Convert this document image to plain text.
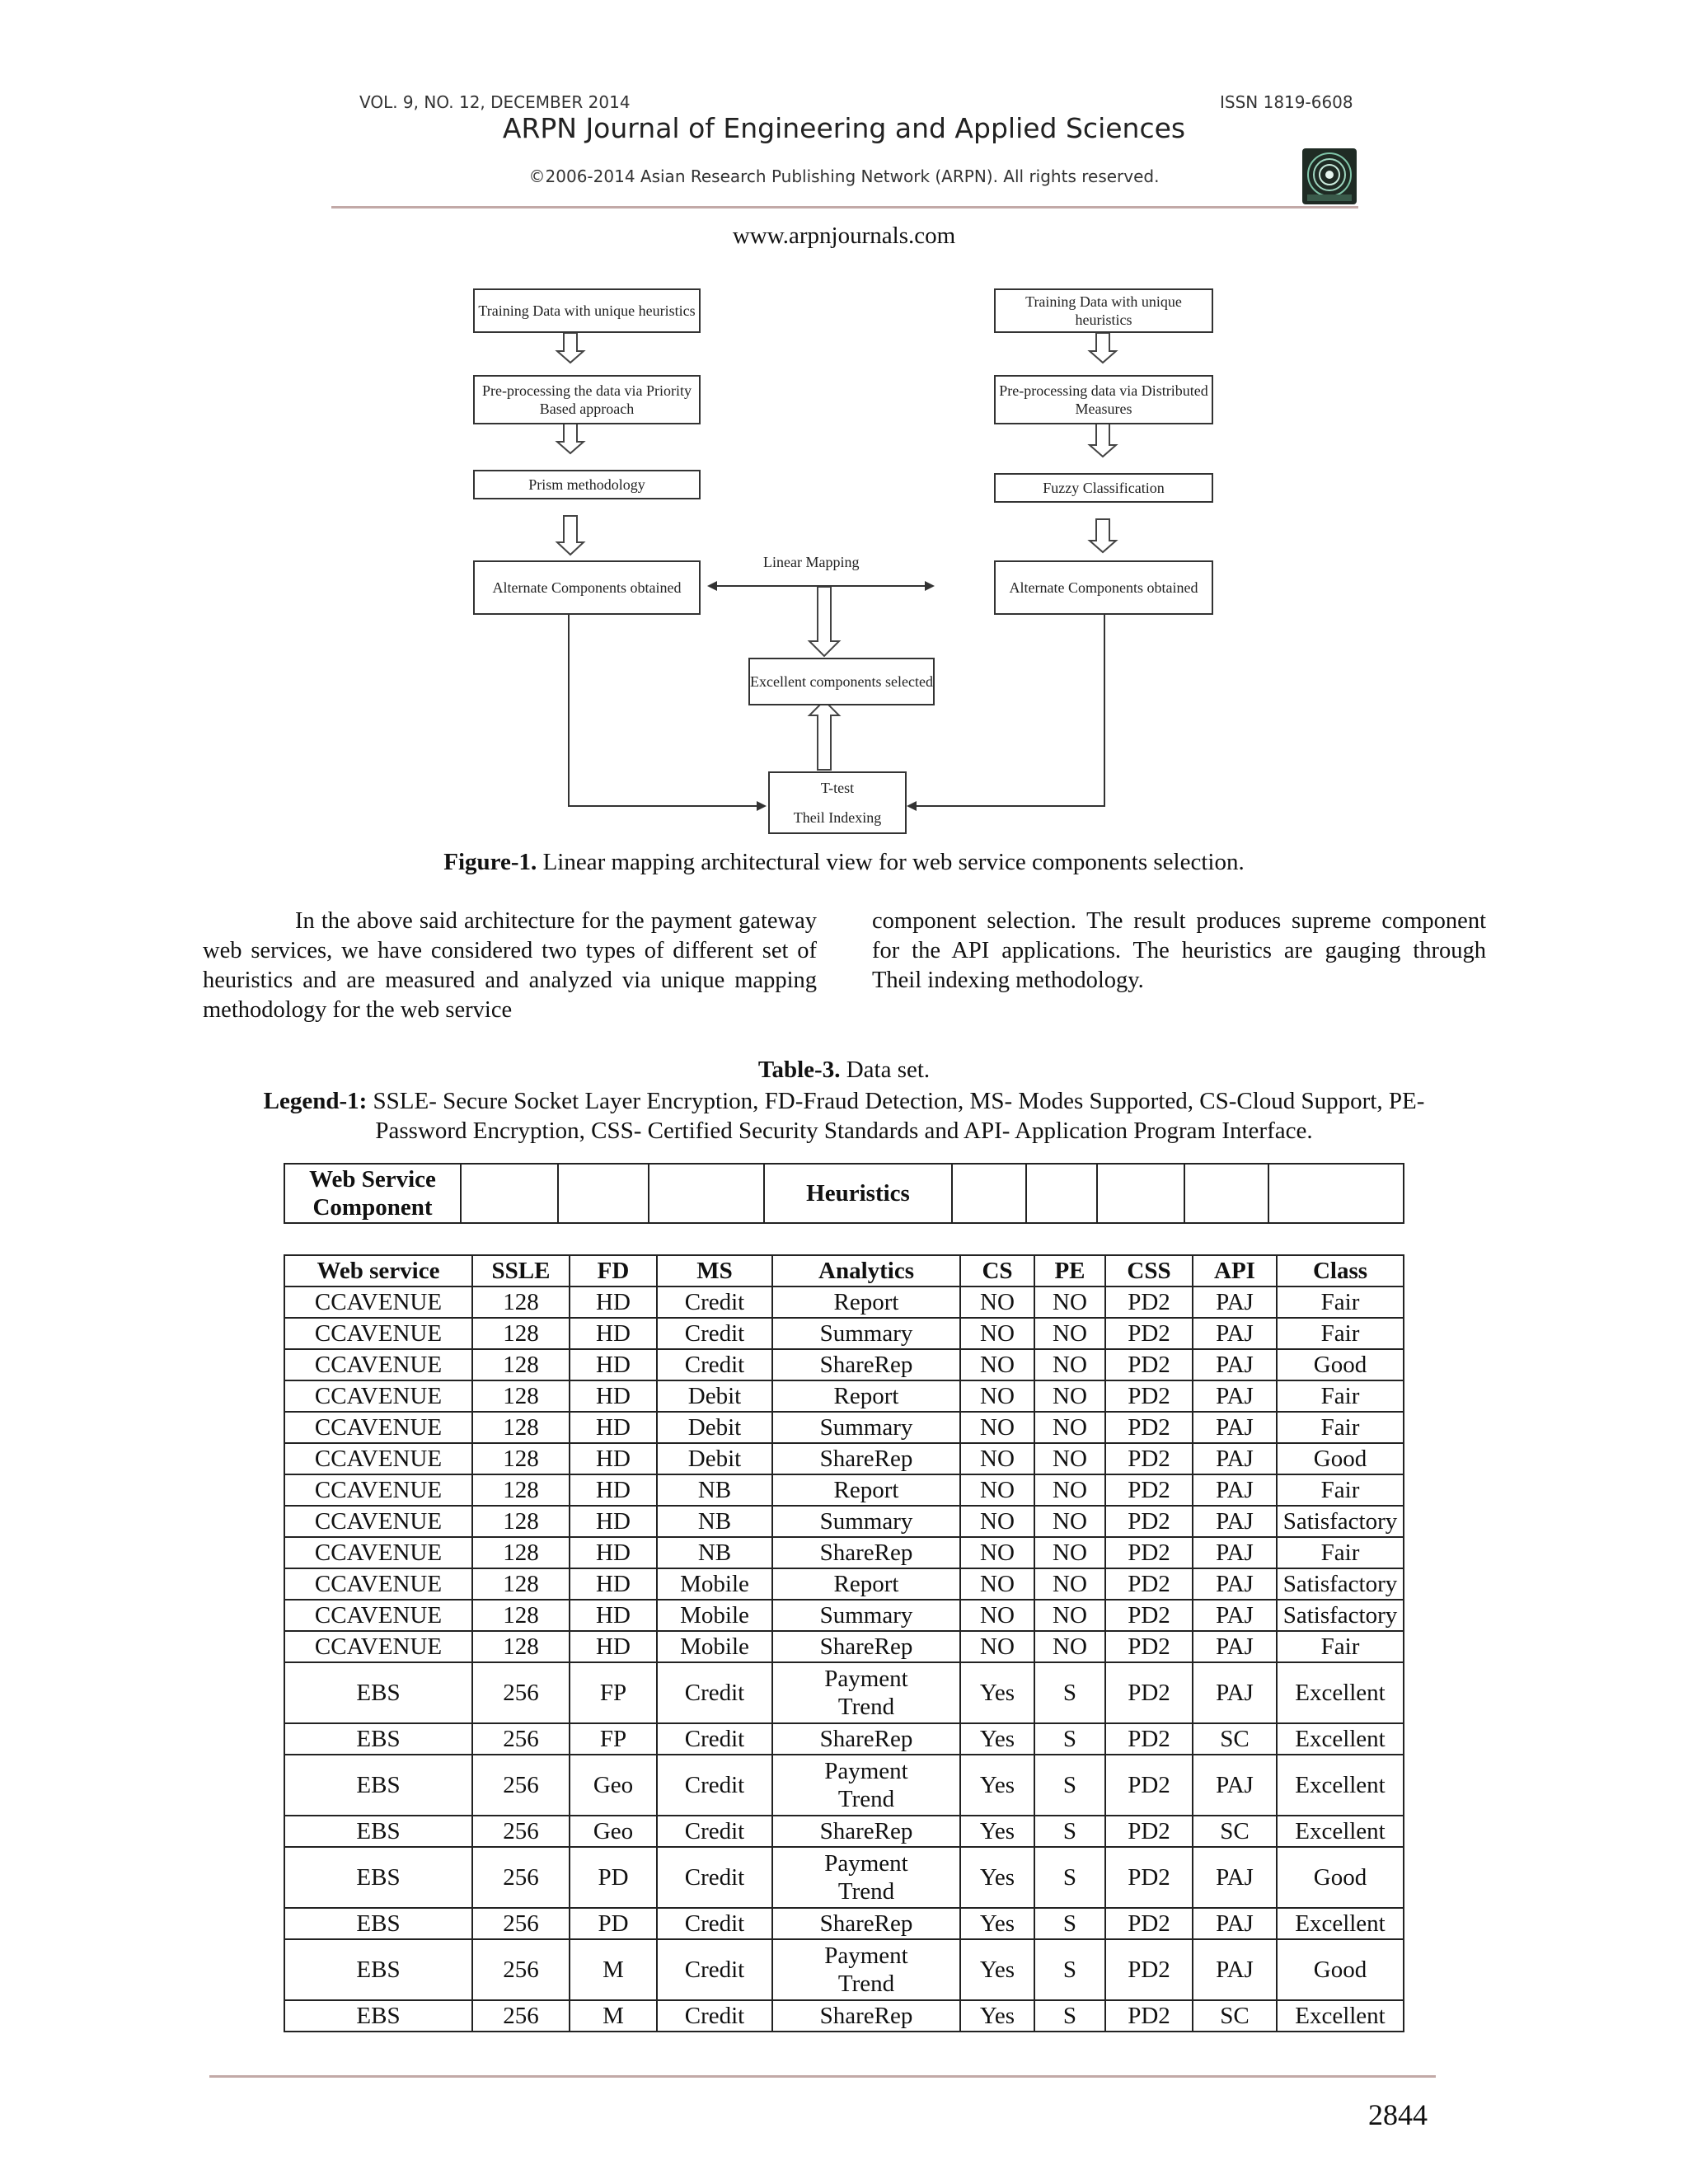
VOL. 9, NO. 12, DECEMBER 2014	ISSN 1819-6608
ARPN Journal of Engineering and Applied Sciences
©2006-2014 Asian Research Publishing Network (ARPN). All rights reserved.
www.arpnjournals.com
Training Data with unique heuristics
Pre-processing the data via Priority Based approach
Prism methodology
Alternate Components obtained
Training Data with unique heuristics
Pre-processing data via Distributed Measures
Fuzzy Classification
Alternate Components obtained
Linear Mapping
Excellent components selected
T-test
Theil Indexing
Figure-1. Linear mapping architectural view for web service components selection.
In the above said architecture for the payment gateway web services, we have considered two types of different set of heuristics and are measured and analyzed via unique mapping methodology for the web service
component selection. The result produces supreme component for the API applications. The heuristics are gauging through Theil indexing methodology.
Table-3. Data set.
Legend-1: SSLE- Secure Socket Layer Encryption, FD-Fraud Detection, MS- Modes Supported, CS-Cloud Support, PE-Password Encryption, CSS- Certified Security Standards and API- Application Program Interface.
Web Service Component				Heuristics					
Web service	SSLE	FD	MS	Analytics	CS	PE	CSS	API	Class
CCAVENUE	128	HD	Credit	Report	NO	NO	PD2	PAJ	Fair
CCAVENUE	128	HD	Credit	Summary	NO	NO	PD2	PAJ	Fair
CCAVENUE	128	HD	Credit	ShareRep	NO	NO	PD2	PAJ	Good
CCAVENUE	128	HD	Debit	Report	NO	NO	PD2	PAJ	Fair
CCAVENUE	128	HD	Debit	Summary	NO	NO	PD2	PAJ	Fair
CCAVENUE	128	HD	Debit	ShareRep	NO	NO	PD2	PAJ	Good
CCAVENUE	128	HD	NB	Report	NO	NO	PD2	PAJ	Fair
CCAVENUE	128	HD	NB	Summary	NO	NO	PD2	PAJ	Satisfactory
CCAVENUE	128	HD	NB	ShareRep	NO	NO	PD2	PAJ	Fair
CCAVENUE	128	HD	Mobile	Report	NO	NO	PD2	PAJ	Satisfactory
CCAVENUE	128	HD	Mobile	Summary	NO	NO	PD2	PAJ	Satisfactory
CCAVENUE	128	HD	Mobile	ShareRep	NO	NO	PD2	PAJ	Fair
EBS	256	FP	Credit	Payment Trend	Yes	S	PD2	PAJ	Excellent
EBS	256	FP	Credit	ShareRep	Yes	S	PD2	SC	Excellent
EBS	256	Geo	Credit	Payment Trend	Yes	S	PD2	PAJ	Excellent
EBS	256	Geo	Credit	ShareRep	Yes	S	PD2	SC	Excellent
EBS	256	PD	Credit	Payment Trend	Yes	S	PD2	PAJ	Good
EBS	256	PD	Credit	ShareRep	Yes	S	PD2	PAJ	Excellent
EBS	256	M	Credit	Payment Trend	Yes	S	PD2	PAJ	Good
EBS	256	M	Credit	ShareRep	Yes	S	PD2	SC	Excellent
2844
